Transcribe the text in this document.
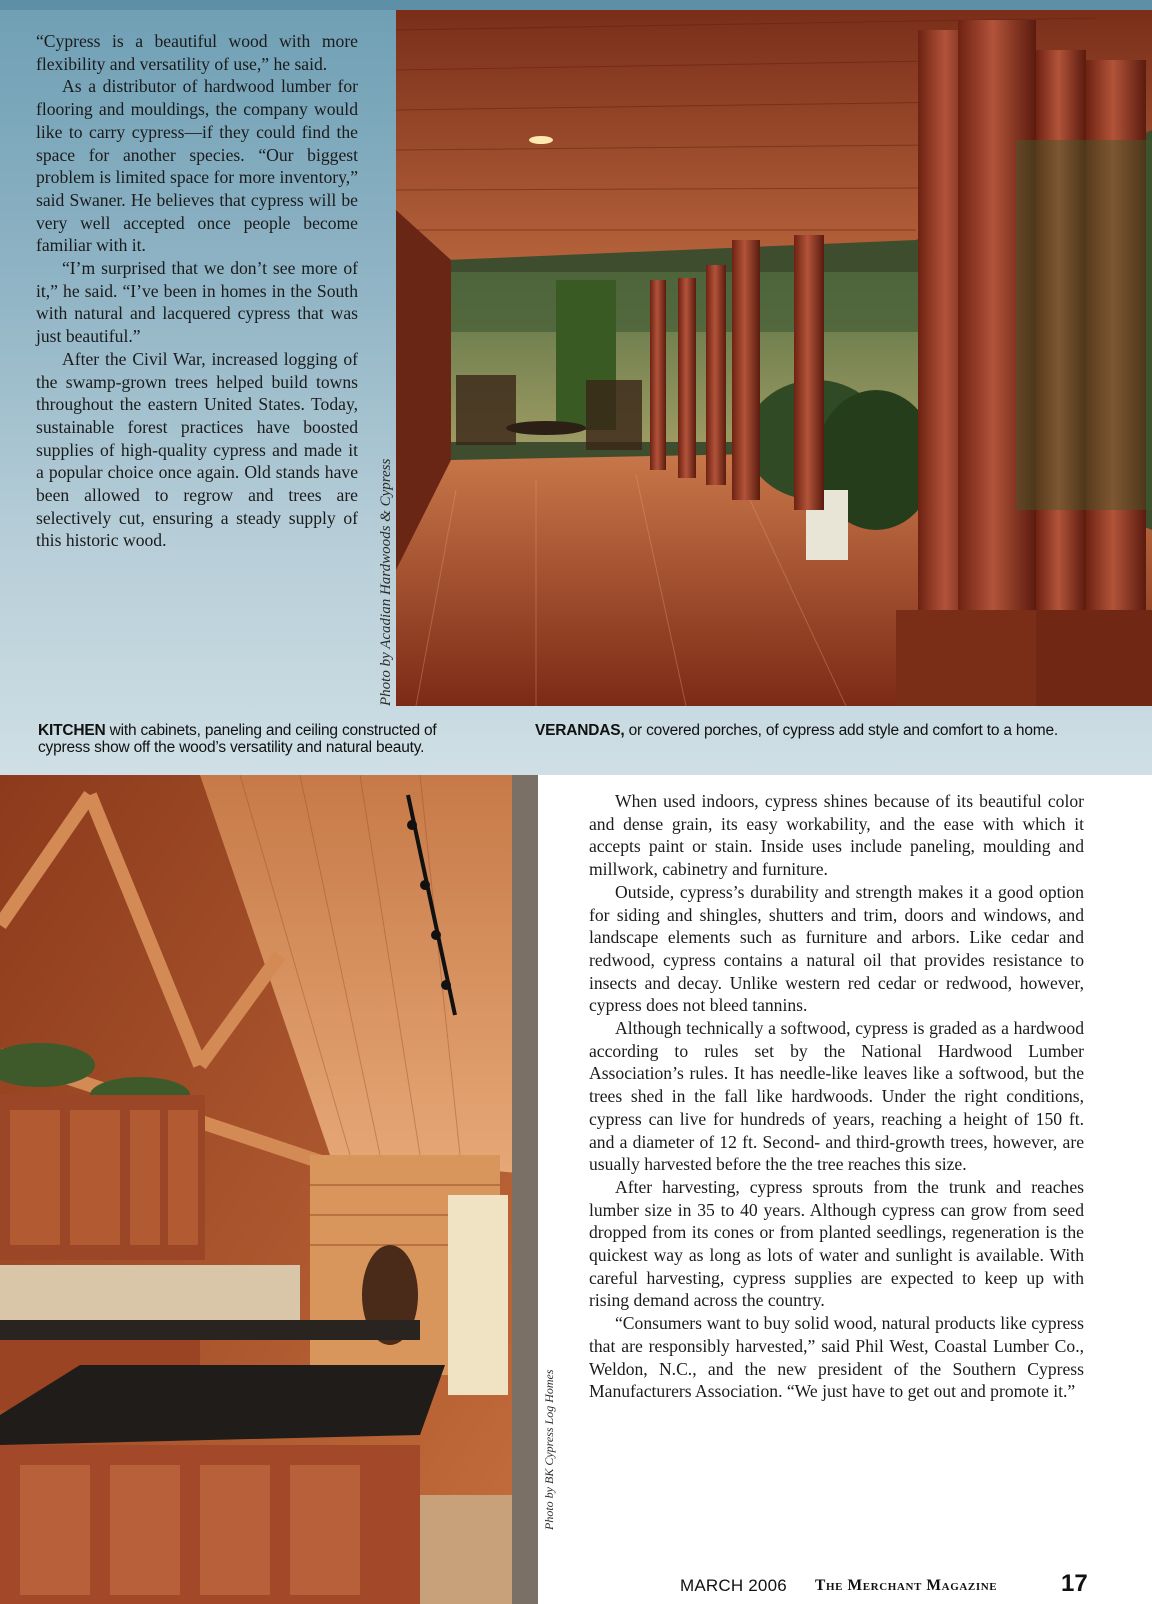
“Cypress is a beautiful wood with more flexibility and versatility of use,” he said.

As a distributor of hardwood lumber for flooring and mouldings, the company would like to carry cypress—if they could find the space for another species. “Our biggest problem is limited space for more inventory,” said Swaner. He believes that cypress will be very well accepted once people become familiar with it.

“I’m surprised that we don’t see more of it,” he said. “I’ve been in homes in the South with natural and lacquered cypress that was just beautiful.”

After the Civil War, increased logging of the swamp-grown trees helped build towns throughout the eastern United States. Today, sustainable forest practices have boosted supplies of high-quality cypress and made it a popular choice once again. Old stands have been allowed to regrow and trees are selectively cut, ensuring a steady supply of this historic wood.	Photo by Acadian Hardwoods & Cypress
KITCHEN with cabinets, paneling and ceiling constructed of cypress show off the wood’s versatility and natural beauty.
VERANDAS, or covered porches, of cypress add style and comfort to a home.
Photo by BK Cypress Log Homes

When used indoors, cypress shines because of its beautiful color and dense grain, its easy workability, and the ease with which it accepts paint or stain. Inside uses include paneling, moulding and millwork, cabinetry and furniture.

Outside, cypress’s durability and strength makes it a good option for siding and shingles, shutters and trim, doors and windows, and landscape elements such as furniture and arbors. Like cedar and redwood, cypress contains a natural oil that provides resistance to insects and decay. Unlike western red cedar or redwood, however, cypress does not bleed tannins.

Although technically a softwood, cypress is graded as a hardwood according to rules set by the National Hardwood Lumber Association’s rules. It has needle-like leaves like a softwood, but the trees shed in the fall like hardwoods. Under the right conditions, cypress can live for hundreds of years, reaching a height of 150 ft. and a diameter of 12 ft. Second- and third-growth trees, however, are usually harvested before the the tree reaches this size.

After harvesting, cypress sprouts from the trunk and reaches lumber size in 35 to 40 years. Although cypress can grow from seed dropped from its cones or from planted seedlings, regeneration is the quickest way as long as lots of water and sunlight is available. With careful harvesting, cypress supplies are expected to keep up with rising demand across the country.

“Consumers want to buy solid wood, natural products like cypress that are responsibly harvested,” said Phil West, Coastal Lumber Co., Weldon, N.C., and the new president of the Southern Cypress Manufacturers Association. “We just have to get out and promote it.”

MARCH 2006 The Merchant Magazine	17
